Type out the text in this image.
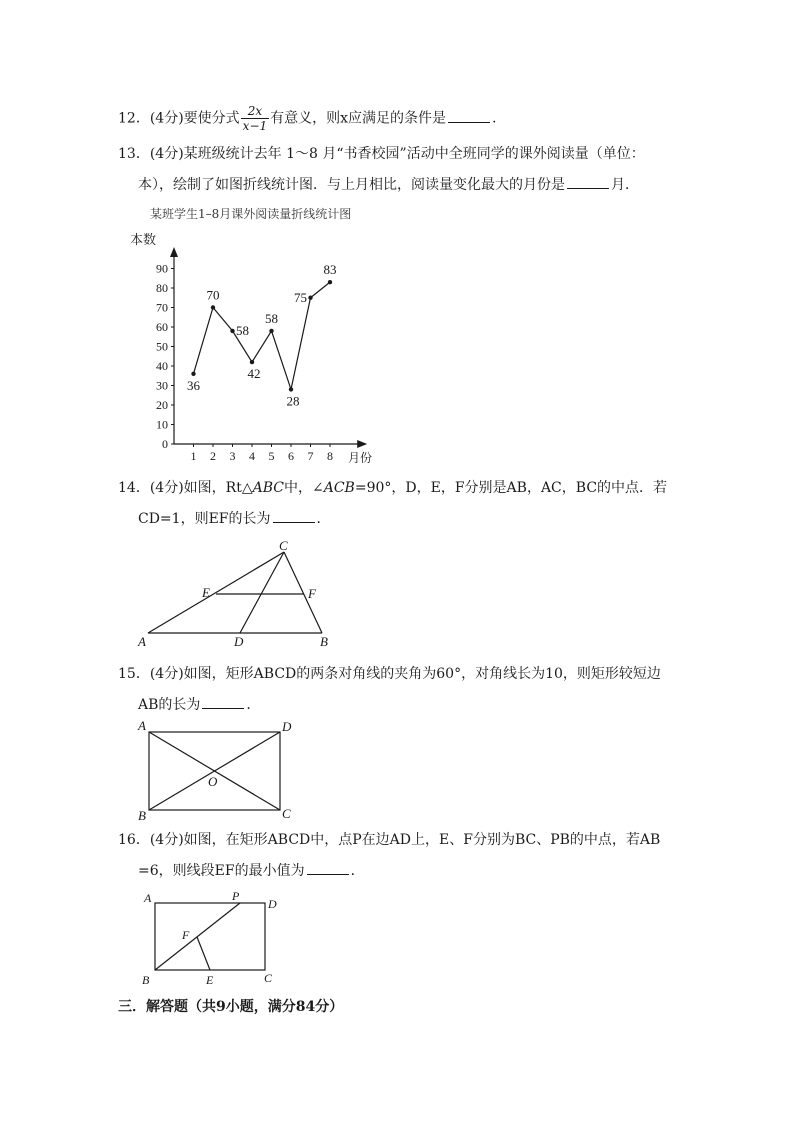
12．(4分)要使分式 $\frac{2x}{x-1}$ 有意义，则x应满足的条件是	.
13．(4分)某班级统计去年 1～8 月“书香校园”活动中全班同学的课外阅读量（单位：
本），绘制了如图折线统计图．与上月相比，阅读量变化最大的月份是	月．
某班学生1–8月课外阅读量折线统计图
本数
月份
0
10
20
30
40
50
60
70
80
90
1 2 3 4 5 6 7 8
36
70
58
42
58
28
75
83
14．(4分)如图，Rt△ABC中，∠ACB=90°，D，E，F分别是AB，AC，BC的中点．若
CD=1，则EF的长为	．
A	B
C
D
E	F
15．(4分)如图，矩形ABCD的两条对角线的夹角为60°，对角线长为10，则矩形较短边
AB的长为	．
A	D
B	C
O
16．(4分)如图，在矩形ABCD中，点P在边AD上，E、F分别为BC、PB的中点，若AB
=6，则线段EF的最小值为	．
A	P
D
F
B	E	C
三．解答题（共9小题，满分84分）
